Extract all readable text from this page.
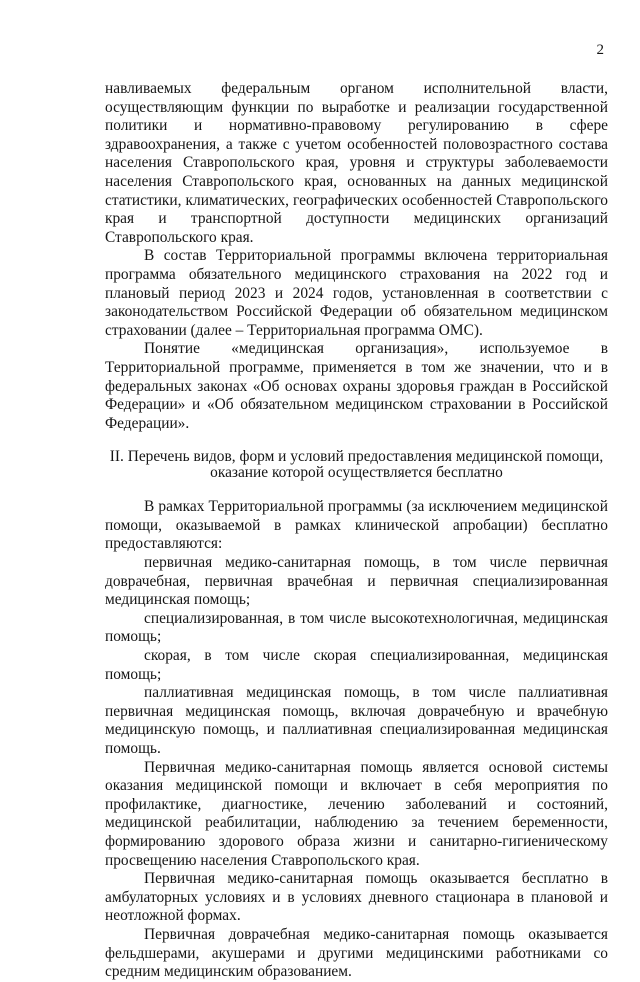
2

навливаемых федеральным органом исполнительной власти, осуществляющим функции по выработке и реализации государственной политики и нормативно-правовому регулированию в сфере здравоохранения, а также с учетом особенностей половозрастного состава населения Ставропольского края, уровня и структуры заболеваемости населения Ставропольского края, основанных на данных медицинской статистики, климатических, географических особенностей Ставропольского края и транспортной доступности медицинских организаций Ставропольского края.

В состав Территориальной программы включена территориальная программа обязательного медицинского страхования на 2022 год и плановый период 2023 и 2024 годов, установленная в соответствии с законодательством Российской Федерации об обязательном медицинском страховании (далее – Территориальная программа ОМС).

Понятие «медицинская организация», используемое в Территориальной программе, применяется в том же значении, что и в федеральных законах «Об основах охраны здоровья граждан в Российской Федерации» и «Об обязательном медицинском страховании в Российской Федерации».

II. Перечень видов, форм и условий предоставления медицинской помощи,
оказание которой осуществляется бесплатно

В рамках Территориальной программы (за исключением медицинской помощи, оказываемой в рамках клинической апробации) бесплатно предоставляются:

первичная медико-санитарная помощь, в том числе первичная доврачебная, первичная врачебная и первичная специализированная медицинская помощь;

специализированная, в том числе высокотехнологичная, медицинская помощь;

скорая, в том числе скорая специализированная, медицинская помощь;

паллиативная медицинская помощь, в том числе паллиативная первичная медицинская помощь, включая доврачебную и врачебную медицинскую помощь, и паллиативная специализированная медицинская помощь.

Первичная медико-санитарная помощь является основой системы оказания медицинской помощи и включает в себя мероприятия по профилактике, диагностике, лечению заболеваний и состояний, медицинской реабилитации, наблюдению за течением беременности, формированию здорового образа жизни и санитарно-гигиеническому просвещению населения Ставропольского края.

Первичная медико-санитарная помощь оказывается бесплатно в амбулаторных условиях и в условиях дневного стационара в плановой и неотложной формах.

Первичная доврачебная медико-санитарная помощь оказывается фельдшерами, акушерами и другими медицинскими работниками со средним медицинским образованием.
